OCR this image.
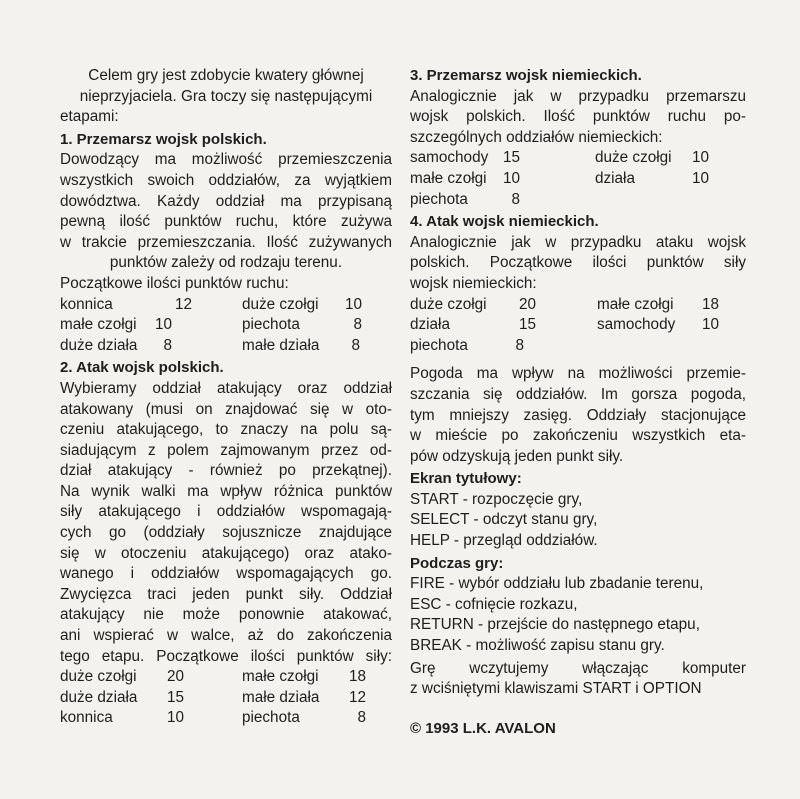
Celem gry jest zdobycie kwatery głównej
nieprzyjaciela. Gra toczy się następującymi
etapami:
1. Przemarsz wojsk polskich.
Dowodzący ma możliwość przemieszczenia
wszystkich swoich oddziałów, za wyjątkiem
dowództwa. Każdy oddział ma przypisaną
pewną ilość punktów ruchu, które zużywa
w trakcie przemieszczania. Ilość zużywanych
punktów zależy od rodzaju terenu.
Początkowe ilości punktów ruchu:
konnica	12	duże czołgi 10
małe czołgi 10	piechota	8
duże działa 8	małe działa 8
2. Atak wojsk polskich.
Wybieramy oddział atakujący oraz oddział
atakowany (musi on znajdować się w oto-
czeniu atakującego, to znaczy na polu są-
siadującym z polem zajmowanym przez od-
dział atakujący - również po przekątnej).
Na wynik walki ma wpływ różnica punktów
siły atakującego i oddziałów wspomagają-
cych go (oddziały sojusznicze znajdujące
się w otoczeniu atakującego) oraz atako-
wanego i oddziałów wspomagających go.
Zwycięzca traci jeden punkt siły. Oddział
atakujący nie może ponownie atakować,
ani wspierać w walce, aż do zakończenia
tego etapu. Początkowe ilości punktów siły:
duże czołgi 20	małe czołgi 18
duże działa 15	małe działa 12
konnica	10	piechota	8
3. Przemarsz wojsk niemieckich.
Analogicznie jak w przypadku przemarszu
wojsk polskich. Ilość punktów ruchu po-
szczególnych oddziałów niemieckich:
samochody 15	duże czołgi 10
małe czołgi 10	działa	10
piechota	8
4. Atak wojsk niemieckich.
Analogicznie jak w przypadku ataku wojsk
polskich. Początkowe ilości punktów siły
wojsk niemieckich:
duże czołgi 20	małe czołgi 18
działa	15	samochody 10
piechota	8
Pogoda ma wpływ na możliwości przemie-
szczania się oddziałów. Im gorsza pogoda,
tym mniejszy zasięg. Oddziały stacjonujące
w mieście po zakończeniu wszystkich eta-
pów odzyskują jeden punkt siły.
Ekran tytułowy:
START - rozpoczęcie gry,
SELECT - odczyt stanu gry,
HELP - przegląd oddziałów.
Podczas gry:
FIRE - wybór oddziału lub zbadanie terenu,
ESC - cofnięcie rozkazu,
RETURN - przejście do następnego etapu,
BREAK - możliwość zapisu stanu gry.
Grę wczytujemy włączając komputer
z wciśniętymi klawiszami START i OPTION
© 1993 L.K. AVALON
